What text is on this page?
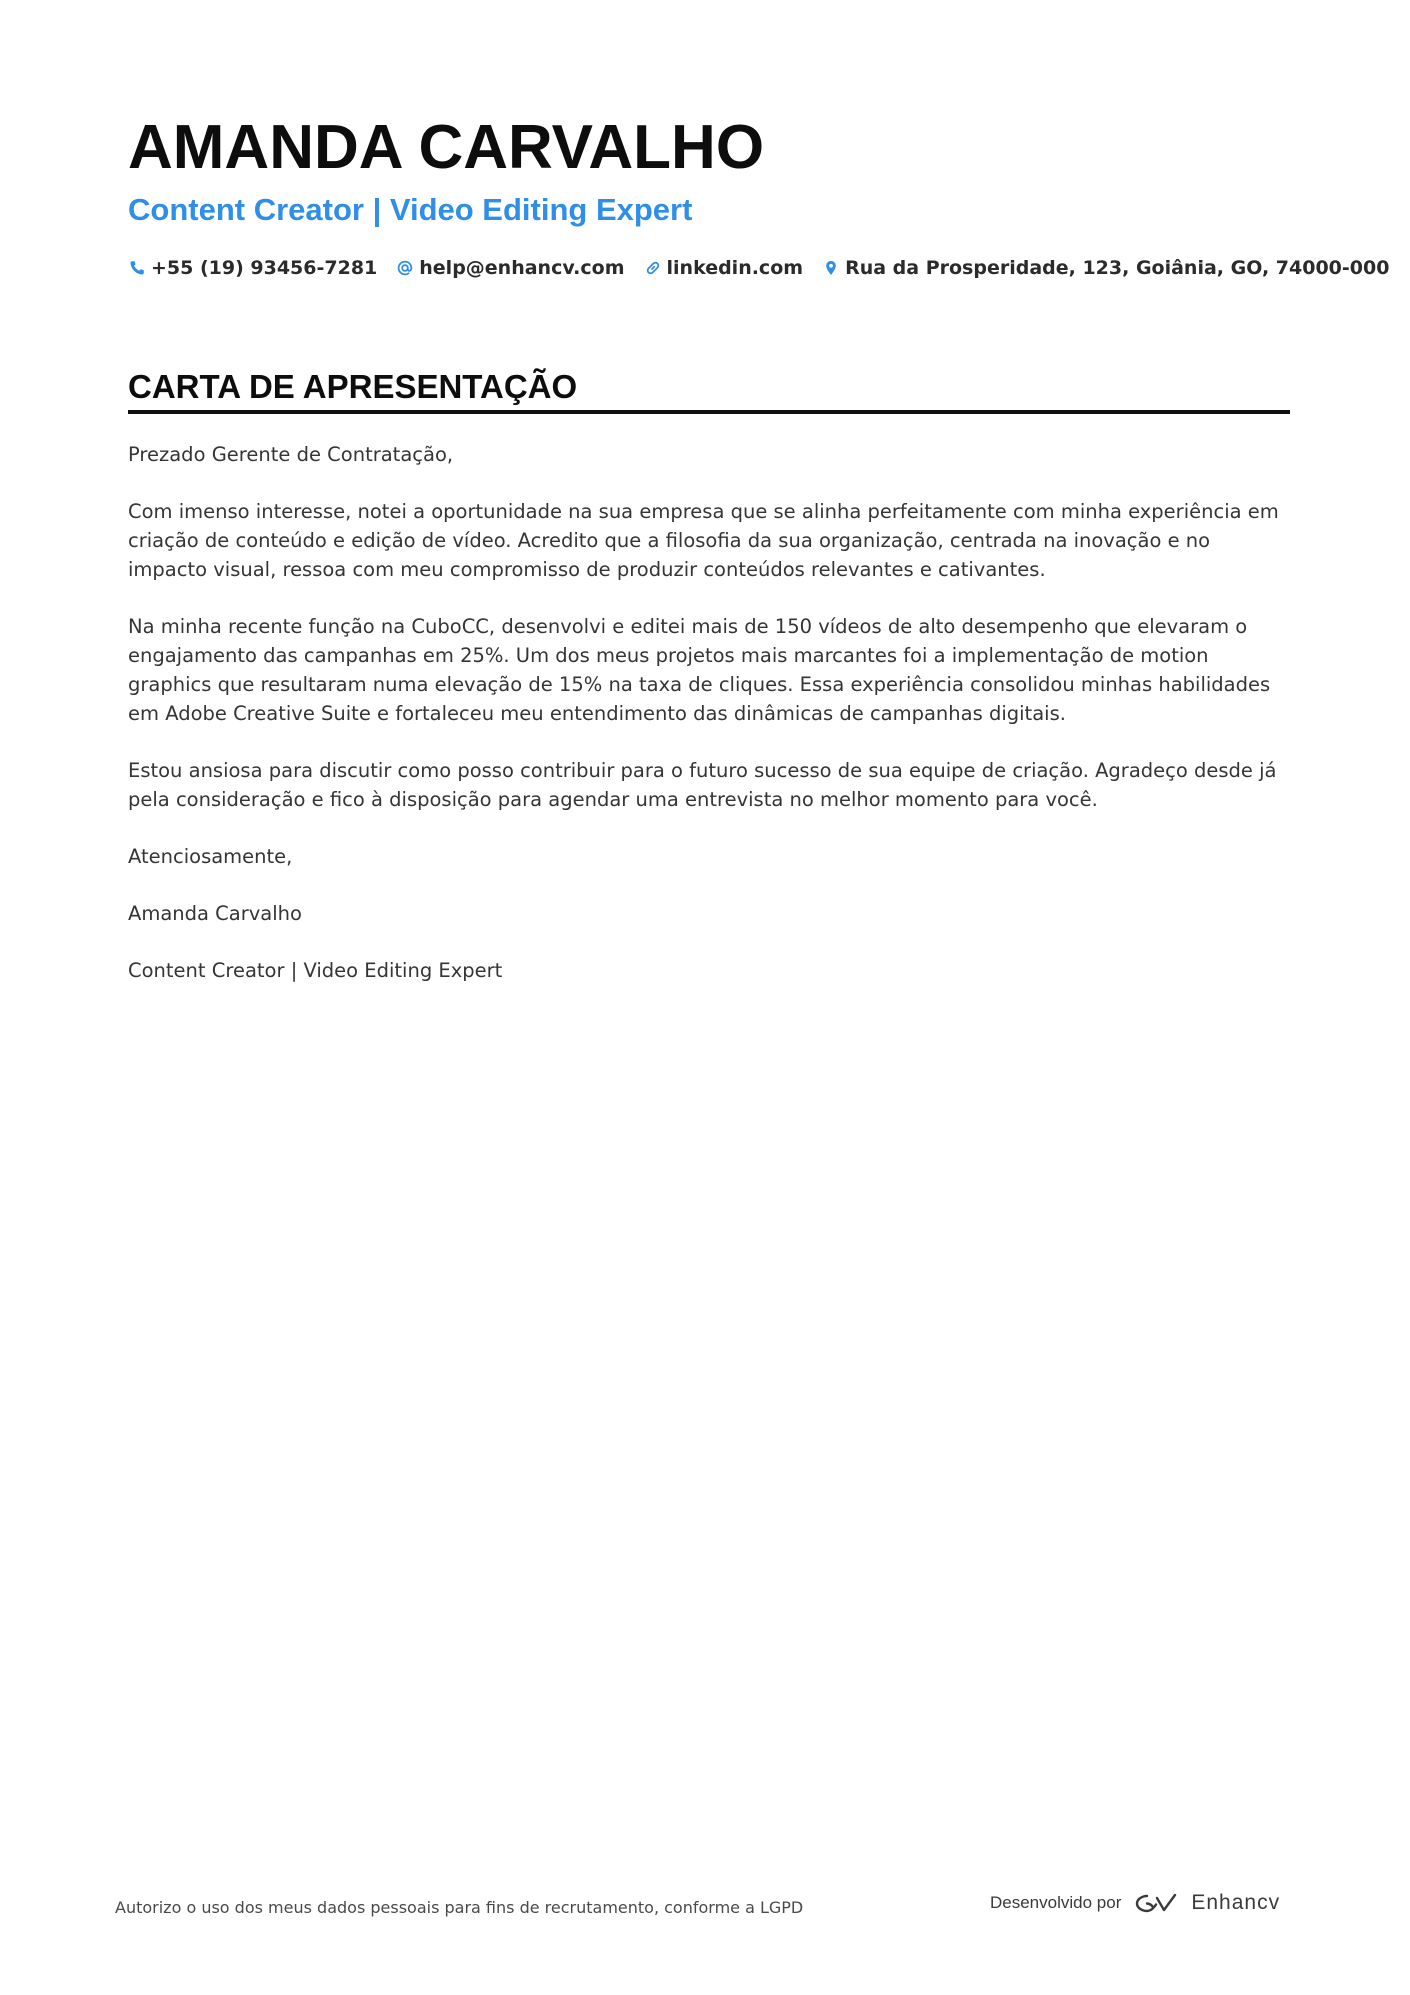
AMANDA CARVALHO
Content Creator | Video Editing Expert
+55 (19) 93456-7281 help@enhancv.com linkedin.com Rua da Prosperidade, 123, Goiânia, GO, 74000-000
CARTA DE APRESENTAÇÃO

Prezado Gerente de Contratação,

Com imenso interesse, notei a oportunidade na sua empresa que se alinha perfeitamente com minha experiência em criação de conteúdo e edição de vídeo. Acredito que a filosofia da sua organização, centrada na inovação e no impacto visual, ressoa com meu compromisso de produzir conteúdos relevantes e cativantes.

Na minha recente função na CuboCC, desenvolvi e editei mais de 150 vídeos de alto desempenho que elevaram o engajamento das campanhas em 25%. Um dos meus projetos mais marcantes foi a implementação de motion graphics que resultaram numa elevação de 15% na taxa de cliques. Essa experiência consolidou minhas habilidades em Adobe Creative Suite e fortaleceu meu entendimento das dinâmicas de campanhas digitais.

Estou ansiosa para discutir como posso contribuir para o futuro sucesso de sua equipe de criação. Agradeço desde já pela consideração e fico à disposição para agendar uma entrevista no melhor momento para você.

Atenciosamente,

Amanda Carvalho

Content Creator | Video Editing Expert

Autorizo o uso dos meus dados pessoais para fins de recrutamento, conforme a LGPD	Desenvolvido por	Enhancv
